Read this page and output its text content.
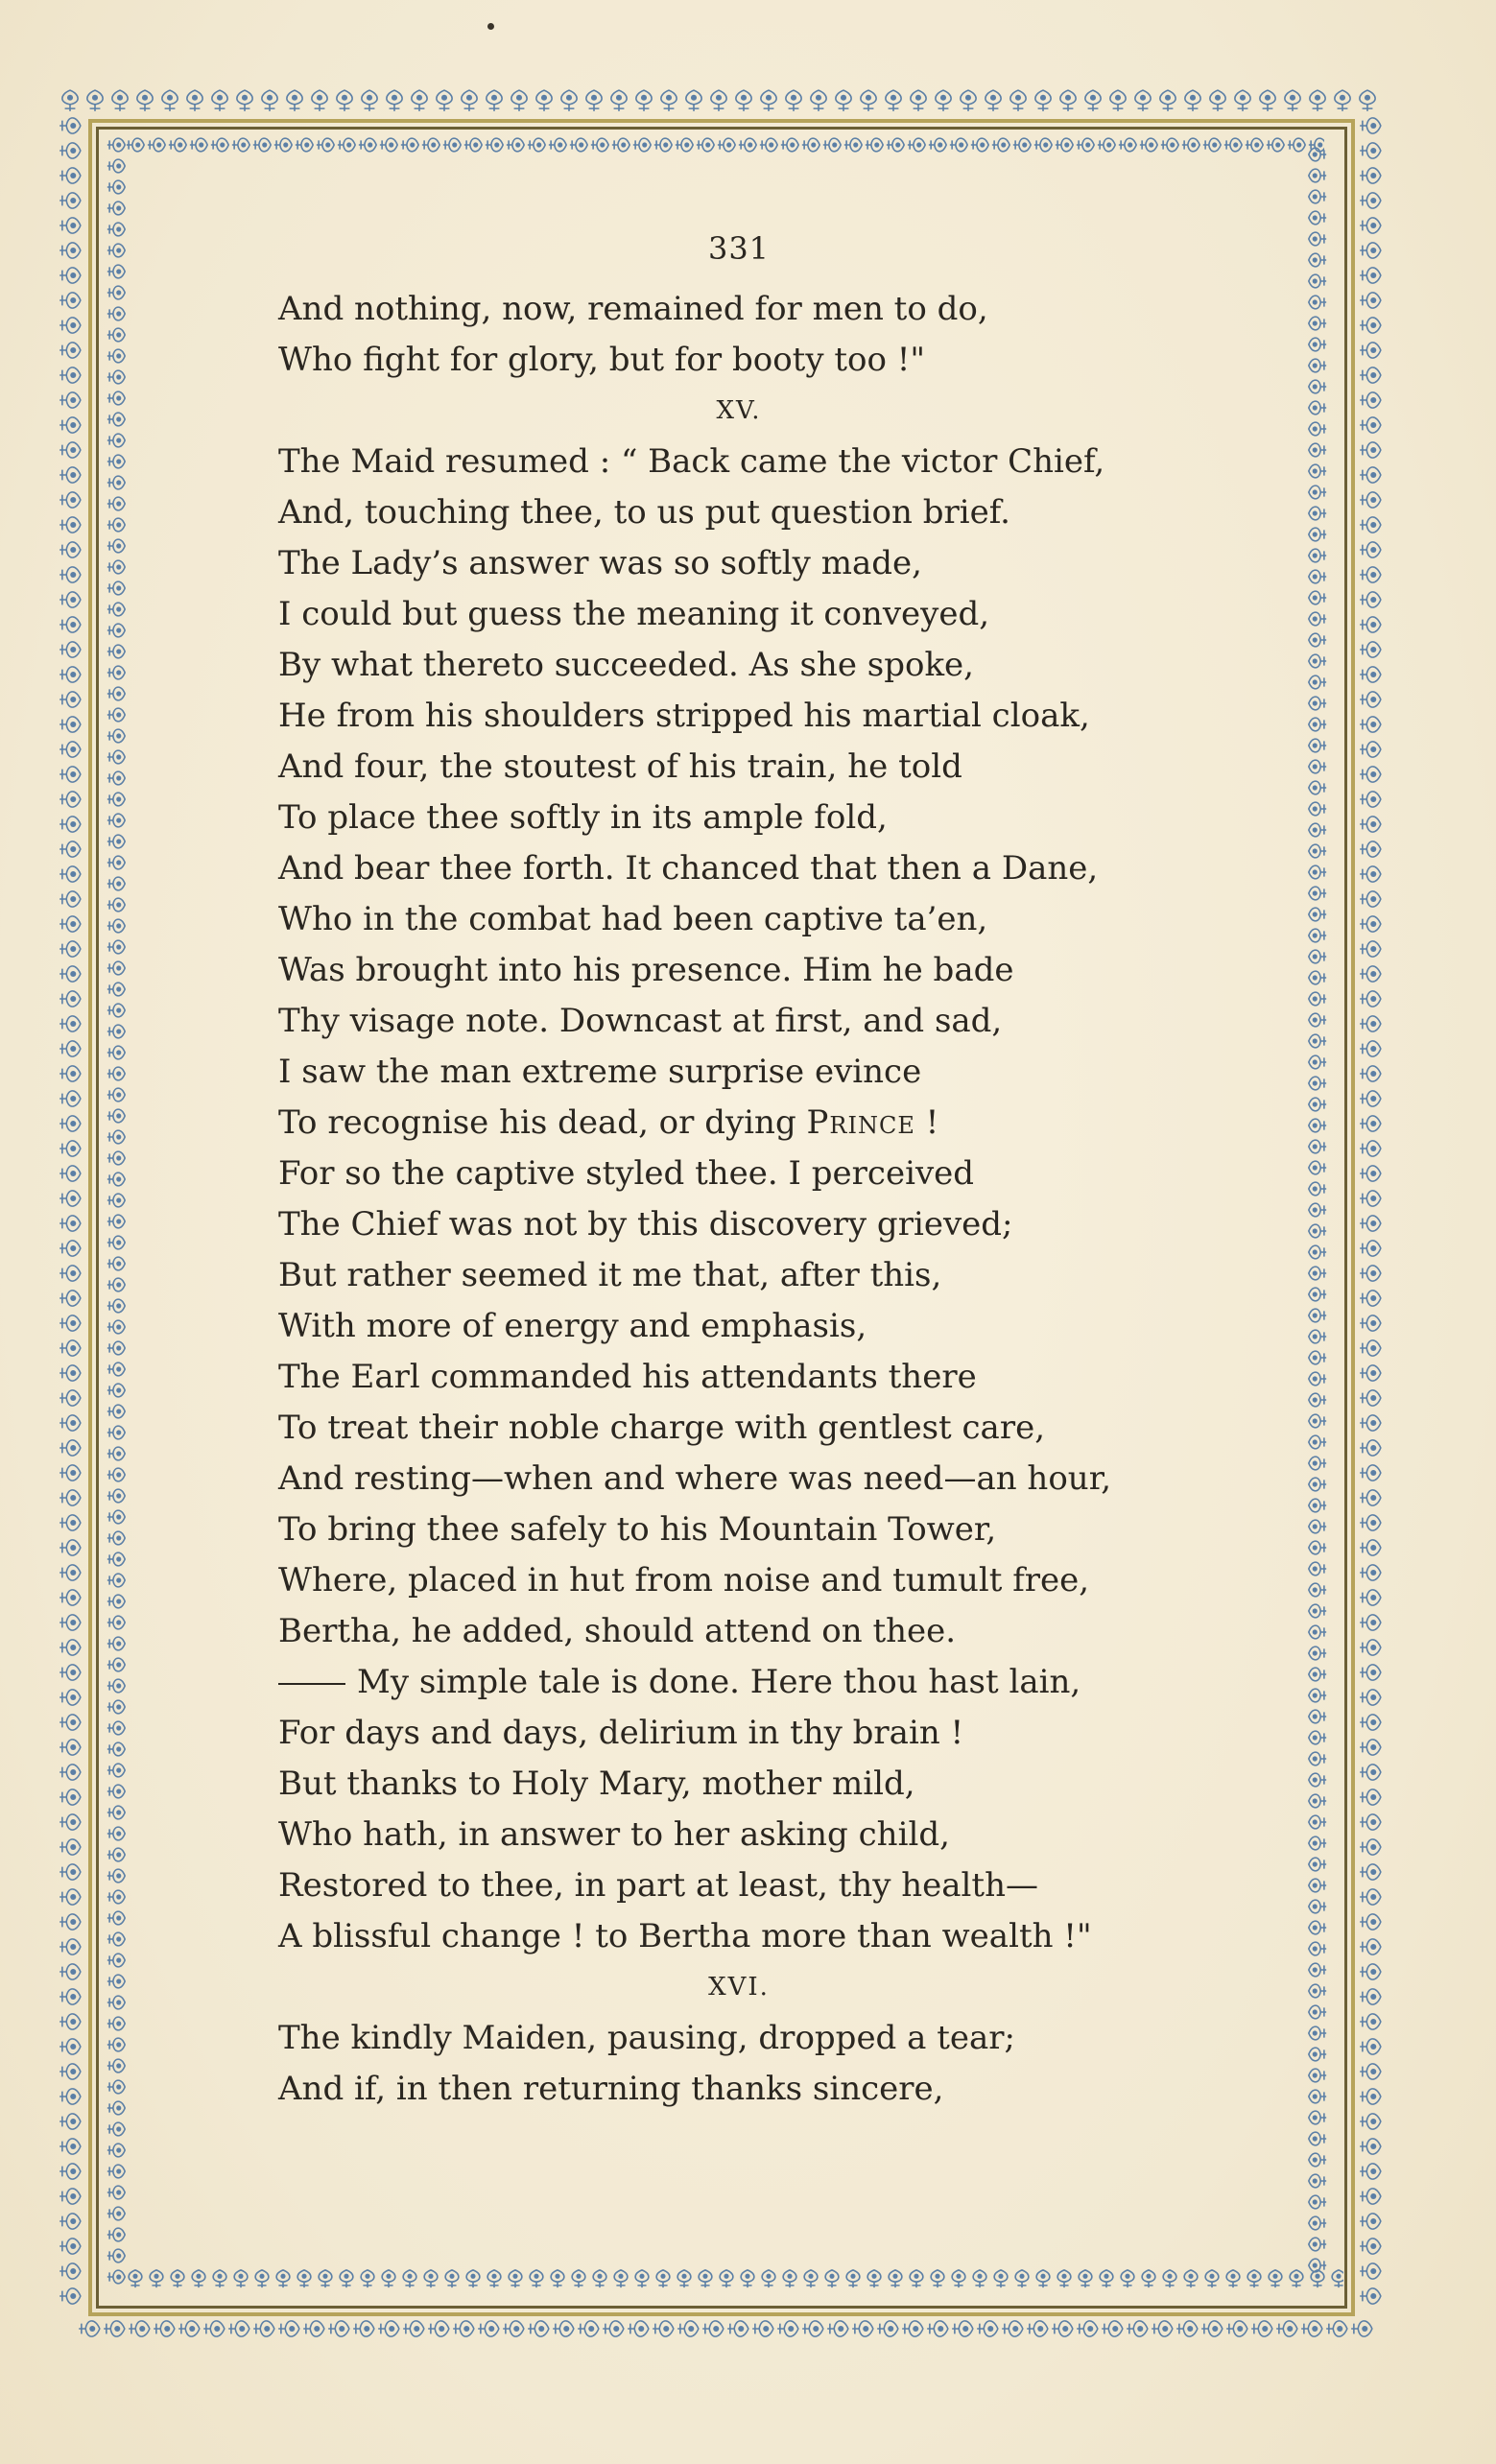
331
And nothing, now, remained for men to do,
Who fight for glory, but for booty too !"
XV.
The Maid resumed : “ Back came the victor Chief,
And, touching thee, to us put question brief.
The Lady’s answer was so softly made,
I could but guess the meaning it conveyed,
By what thereto succeeded. As she spoke,
He from his shoulders stripped his martial cloak,
And four, the stoutest of his train, he told
To place thee softly in its ample fold,
And bear thee forth. It chanced that then a Dane,
Who in the combat had been captive ta’en,
Was brought into his presence. Him he bade
Thy visage note. Downcast at first, and sad,
I saw the man extreme surprise evince
To recognise his dead, or dying Prince !
For so the captive styled thee. I perceived
The Chief was not by this discovery grieved;
But rather seemed it me that, after this,
With more of energy and emphasis,
The Earl commanded his attendants there
To treat their noble charge with gentlest care,
And resting—when and where was need—an hour,
To bring thee safely to his Mountain Tower,
Where, placed in hut from noise and tumult free,
Bertha, he added, should attend on thee.
My simple tale is done. Here thou hast lain,
For days and days, delirium in thy brain !
But thanks to Holy Mary, mother mild,
Who hath, in answer to her asking child,
Restored to thee, in part at least, thy health—
A blissful change ! to Bertha more than wealth !"
XVI.
The kindly Maiden, pausing, dropped a tear;
And if, in then returning thanks sincere,
